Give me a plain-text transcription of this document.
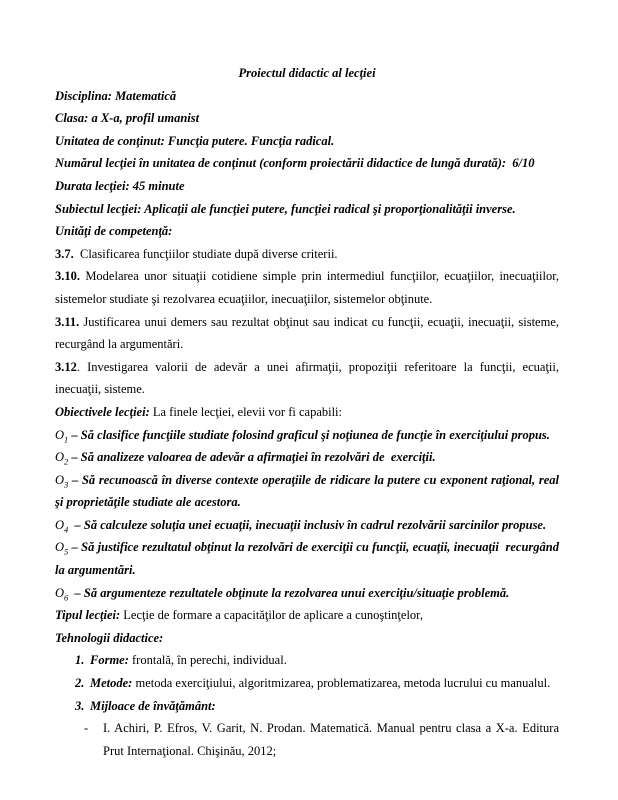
Proiectul didactic al lecţiei
Disciplina: Matematică
Clasa: a X-a, profil umanist
Unitatea de conţinut: Funcţia putere. Funcţia radical.
Numărul lecţiei în unitatea de conţinut (conform proiectării didactice de lungă durată):  6/10
Durata lecţiei: 45 minute
Subiectul lecţiei: Aplicaţii ale funcţiei putere, funcţiei radical şi proporţionalităţii inverse.
Unităţi de competenţă:
3.7.  Clasificarea funcţiilor studiate după diverse criterii.
3.10. Modelarea unor situaţii cotidiene simple prin intermediul funcţiilor, ecuaţiilor, inecuaţiilor, sistemelor studiate şi rezolvarea ecuaţiilor, inecuaţiilor, sistemelor obţinute.
3.11. Justificarea unui demers sau rezultat obţinut sau indicat cu funcţii, ecuaţii, inecuaţii, sisteme, recurgând la argumentări.
3.12. Investigarea valorii de adevăr a unei afirmaţii, propoziţii referitoare la funcţii, ecuaţii, inecuaţii, sisteme.
Obiectivele lecţiei: La finele lecţiei, elevii vor fi capabili:
$O_1$ – Să clasifice funcţiile studiate folosind graficul şi noţiunea de funcţie în exerciţiului propus.
$O_2$ – Să analizeze valoarea de adevăr a afirmaţiei în rezolvări de  exerciţii.
$O_3$ – Să recunoască în diverse contexte operaţiile de ridicare la putere cu exponent raţional, real şi proprietăţile studiate ale acestora.
$O_4$  – Să calculeze soluţia unei ecuaţii, inecuaţii inclusiv în cadrul rezolvării sarcinilor propuse.
$O_5$ – Să justifice rezultatul obţinut la rezolvări de exerciţii cu funcţii, ecuaţii, inecuaţii  recurgând la argumentări.
$O_6$  – Să argumenteze rezultatele obţinute la rezolvarea unui exerciţiu/situaţie problemă.
Tipul lecţiei: Lecţie de formare a capacităţilor de aplicare a cunoştinţelor,
Tehnologii didactice:
1. Forme: frontală, în perechi, individual.
2. Metode: metoda exerciţiului, algoritmizarea, problematizarea, metoda lucrului cu manualul.
3. Mijloace de învăţământ:
-	I. Achiri, P. Efros, V. Garit, N. Prodan. Matematică. Manual pentru clasa a X-a. Editura Prut Internaţional. Chişinău, 2012;
